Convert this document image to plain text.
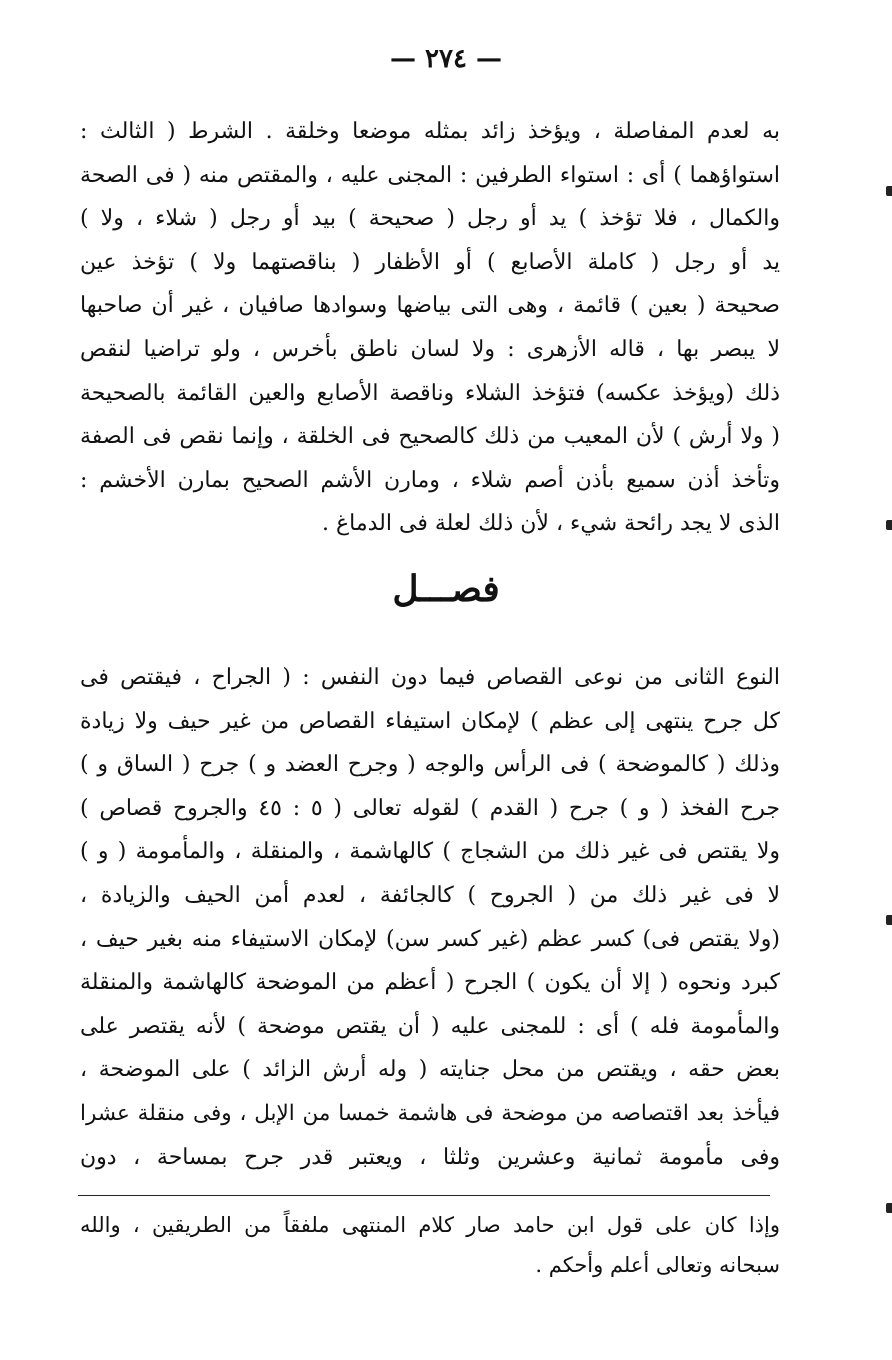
— ٢٧٤ —
به لعدم المفاصلة ، ويؤخذ زائد بمثله موضعا وخلقة . الشرط ( الثالث :
استواؤهما ) أى : استواء الطرفين : المجنى عليه ، والمقتص منه ( فى الصحة
والكمال ، فلا تؤخذ ) يد أو رجل ( صحيحة ) بيد أو رجل ( شلاء ، ولا )
يد أو رجل ( كاملة الأصابع ) أو الأظفار ( بناقصتهما ولا ) تؤخذ عين
صحيحة ( بعين ) قائمة ، وهى التى بياضها وسوادها صافيان ، غير أن صاحبها
لا يبصر بها ، قاله الأزهرى : ولا لسان ناطق بأخرس ، ولو تراضيا لنقص
ذلك (ويؤخذ عكسه) فتؤخذ الشلاء وناقصة الأصابع والعين القائمة بالصحيحة
( ولا أرش ) لأن المعيب من ذلك كالصحيح فى الخلقة ، وإنما نقص فى الصفة
وتأخذ أذن سميع بأذن أصم شلاء ، ومارن الأشم الصحيح بمارن الأخشم :
الذى لا يجد رائحة شيء ، لأن ذلك لعلة فى الدماغ .
فصـــل
النوع الثانى من نوعى القصاص فيما دون النفس : ( الجراح ، فيقتص فى
كل جرح ينتهى إلى عظم ) لإمكان استيفاء القصاص من غير حيف ولا زيادة
وذلك ( كالموضحة ) فى الرأس والوجه ( وجرح العضد و ) جرح ( الساق و )
جرح الفخذ ( و ) جرح ( القدم ) لقوله تعالى ( ٥ : ٤٥ والجروح قصاص )
ولا يقتص فى غير ذلك من الشجاج ) كالهاشمة ، والمنقلة ، والمأمومة ( و )
لا فى غير ذلك من ( الجروح ) كالجائفة ، لعدم أمن الحيف والزيادة ،
(ولا يقتص فى) كسر عظم (غير كسر سن) لإمكان الاستيفاء منه بغير حيف ،
كبرد ونحوه ( إلا أن يكون ) الجرح ( أعظم من الموضحة كالهاشمة والمنقلة
والمأمومة فله ) أى : للمجنى عليه ( أن يقتص موضحة ) لأنه يقتصر على
بعض حقه ، ويقتص من محل جنايته ( وله أرش الزائد ) على الموضحة ،
فيأخذ بعد اقتصاصه من موضحة فى هاشمة خمسا من الإبل ، وفى منقلة عشرا
وفى مأمومة ثمانية وعشرين وثلثا ، ويعتبر قدر جرح بمساحة ، دون
وإذا كان على قول ابن حامد صار كلام المنتهى ملفقاً من الطريقين ، والله
سبحانه وتعالى أعلم وأحكم .
